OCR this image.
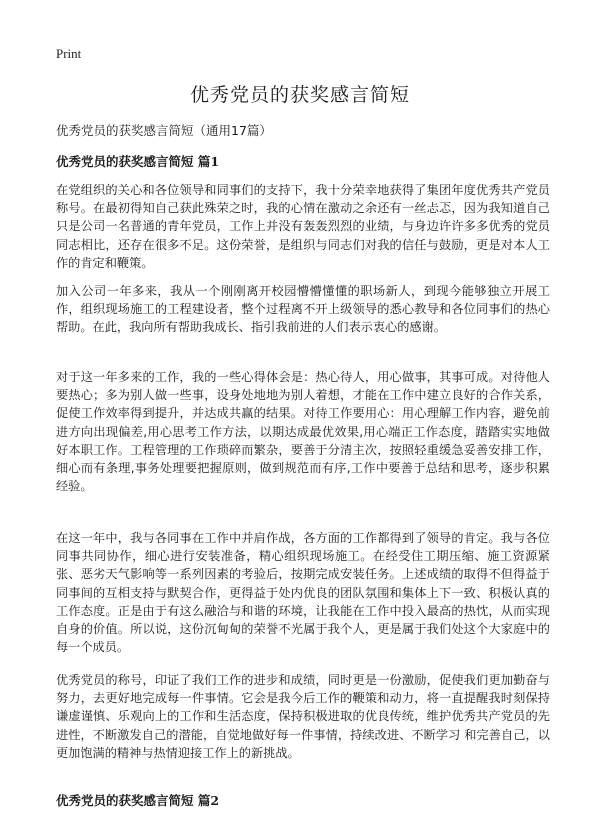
Print
优秀党员的获奖感言简短

优秀党员的获奖感言简短（通用17篇）

优秀党员的获奖感言简短 篇1

在党组织的关心和各位领导和同事们的支持下，我十分荣幸地获得了集团年度优秀共产党员称号。在最初得知自己获此殊荣之时，我的心情在激动之余还有一丝忐忑，因为我知道自己只是公司一名普通的青年党员，工作上并没有轰轰烈烈的业绩，与身边许许多多优秀的党员同志相比，还存在很多不足。这份荣誉，是组织与同志们对我的信任与鼓励，更是对本人工作的肯定和鞭策。

加入公司一年多来，我从一个刚刚离开校园懵懵懂懂的职场新人，到现今能够独立开展工作，组织现场施工的工程建设者，整个过程离不开上级领导的悉心教导和各位同事们的热心帮助。在此，我向所有帮助我成长、指引我前进的人们表示衷心的感谢。

对于这一年多来的工作，我的一些心得体会是：热心待人，用心做事，其事可成。对待他人要热心；多为别人做一些事，设身处地地为别人着想，才能在工作中建立良好的合作关系，促使工作效率得到提升，并达成共赢的结果。对待工作要用心：用心理解工作内容，避免前进方向出现偏差,用心思考工作方法，以期达成最优效果,用心端正工作态度，踏踏实实地做好本职工作。工程管理的工作琐碎而繁杂，要善于分清主次，按照轻重缓急妥善安排工作，细心而有条理,事务处理要把握原则，做到规范而有序,工作中要善于总结和思考，逐步积累经验。

在这一年中，我与各同事在工作中并肩作战，各方面的工作都得到了领导的肯定。我与各位同事共同协作，细心进行安装准备，精心组织现场施工。在经受住工期压缩、施工资源紧张、恶劣天气影响等一系列因素的考验后，按期完成安装任务。上述成绩的取得不但得益于同事间的互相支持与默契合作，更得益于处内优良的团队氛围和集体上下一致、积极认真的工作态度。正是由于有这么融洽与和谐的环境，让我能在工作中投入最高的热忱，从而实现自身的价值。所以说，这份沉甸甸的荣誉不光属于我个人，更是属于我们处这个大家庭中的每一个成员。

优秀党员的称号，印证了我们工作的进步和成绩，同时更是一份激励，促使我们更加勤奋与努力，去更好地完成每一件事情。它会是我今后工作的鞭策和动力，将一直提醒我时刻保持谦虚谨慎、乐观向上的工作和生活态度，保持积极进取的优良传统，维护优秀共产党员的先进性，不断激发自己的潜能，自觉地做好每一件事情，持续改进、不断学习 和完善自己，以更加饱满的精神与热情迎接工作上的新挑战。

优秀党员的获奖感言简短 篇2
